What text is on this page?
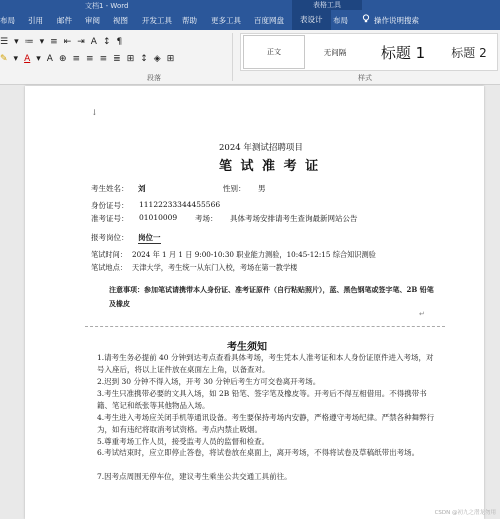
文档1 - Word	表格工具
布局 引用 邮件 审阅 视图 开发工具 帮助 更多工具 百度网盘	表设计	布局	操作说明搜索
☰ ▾ ≔ ▾ ≡ ⇤ ⇥ A ↕ ¶
✎ ▾ A ▾ A ⊕ ≡ ≡ ≡ ≣ ⊞ ↕ ◈ ⊞
段落
正文	无间隔	标题 1	标题 2
样式
↓
2024 年测试招聘项目
笔 试 准 考 证
考生姓名： 刘	性别： 男
身份证号： 11122233344455566
准考证号： 01010009 考场： 具体考场安排请考生查询最新网站公告
报考岗位： 岗位一
笔试时间： 2024 年 1 月 1 日 9:00-10:30 职业能力测验，10:45-12:15 综合知识测验
笔试地点： 天津大学，考生统一从东门入校，考场在第一教学楼
注意事项：参加笔试请携带本人身份证、准考证原件（自行粘贴照片），蓝、黑色钢笔或签字笔、2B 铅笔及橡皮
↵
考生须知
1.请考生务必提前 40 分钟到达考点查看具体考场，考生凭本人准考证和本人身份证原件进入考场，对号入座后，将以上证件放在桌面左上角，以备查对。
2.迟到 30 分钟不得入场，开考 30 分钟后考生方可交卷离开考场。
3.考生只准携带必要的文具入场，如 2B 铅笔、签字笔及橡皮等。开考后不得互相借用。不得携带书籍、笔记和纸张等其他物品入场。
4.考生进入考场应关闭手机等通讯设备。考生要保持考场内安静，严格遵守考场纪律。严禁各种舞弊行为，如有违纪将取消考试资格。考点内禁止吸烟。
5.尊重考场工作人员，接受监考人员的监督和检查。
6.考试结束时，应立即停止答卷，将试卷放在桌面上，离开考场，不得将试卷及草稿纸带出考场。
7.因考点周围无停车位，建议考生乘坐公共交通工具前往。
CSDN @初九之潜龙勿用
